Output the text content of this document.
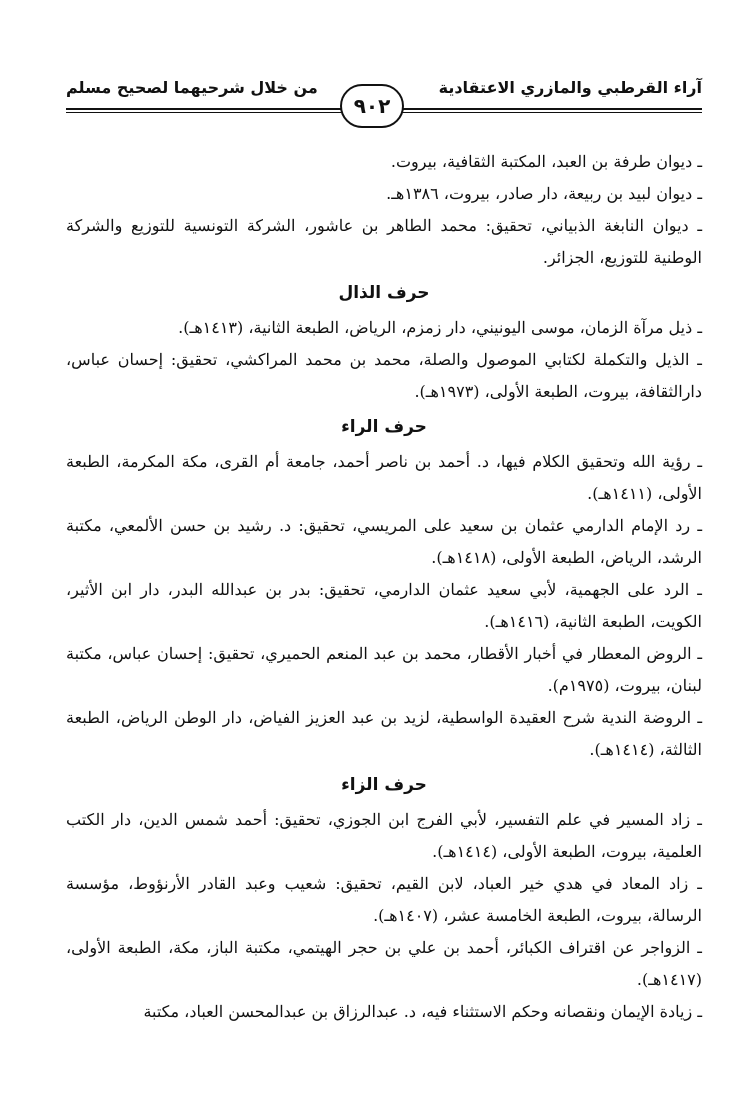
آراء القرطبي والمازري الاعتقادية
من خلال شرحيهما لصحيح مسلم
٩٠٢

ـ ديوان طرفة بن العبد، المكتبة الثقافية، بيروت.

ـ ديوان لبيد بن ربيعة، دار صادر، بيروت، ١٣٨٦هـ.

ـ ديوان النابغة الذبياني، تحقيق: محمد الطاهر بن عاشور، الشركة التونسية للتوزيع والشركة الوطنية للتوزيع، الجزائر.

حرف الذال

ـ ذيل مرآة الزمان، موسى اليونيني، دار زمزم، الرياض، الطبعة الثانية، (١٤١٣هـ).

ـ الذيل والتكملة لكتابي الموصول والصلة، محمد بن محمد المراكشي، تحقيق: إحسان عباس، دارالثقافة، بيروت، الطبعة الأولى، (١٩٧٣هـ).

حرف الراء

ـ رؤية الله وتحقيق الكلام فيها، د. أحمد بن ناصر أحمد، جامعة أم القرى، مكة المكرمة، الطبعة الأولى، (١٤١١هـ).

ـ رد الإمام الدارمي عثمان بن سعيد على المريسي، تحقيق: د. رشيد بن حسن الألمعي، مكتبة الرشد، الرياض، الطبعة الأولى، (١٤١٨هـ).

ـ الرد على الجهمية، لأبي سعيد عثمان الدارمي، تحقيق: بدر بن عبدالله البدر، دار ابن الأثير، الكويت، الطبعة الثانية، (١٤١٦هـ).

ـ الروض المعطار في أخبار الأقطار، محمد بن عبد المنعم الحميري، تحقيق: إحسان عباس، مكتبة لبنان، بيروت، (١٩٧٥م).

ـ الروضة الندية شرح العقيدة الواسطية، لزيد بن عبد العزيز الفياض، دار الوطن الرياض، الطبعة الثالثة، (١٤١٤هـ).

حرف الزاء

ـ زاد المسير في علم التفسير، لأبي الفرج ابن الجوزي، تحقيق: أحمد شمس الدين، دار الكتب العلمية، بيروت، الطبعة الأولى، (١٤١٤هـ).

ـ زاد المعاد في هدي خير العباد، لابن القيم، تحقيق: شعيب وعبد القادر الأرنؤوط، مؤسسة الرسالة، بيروت، الطبعة الخامسة عشر، (١٤٠٧هـ).

ـ الزواجر عن اقتراف الكبائر، أحمد بن علي بن حجر الهيتمي، مكتبة الباز، مكة، الطبعة الأولى، (١٤١٧هـ).

ـ زيادة الإيمان ونقصانه وحكم الاستثناء فيه، د. عبدالرزاق بن عبدالمحسن العباد، مكتبة
